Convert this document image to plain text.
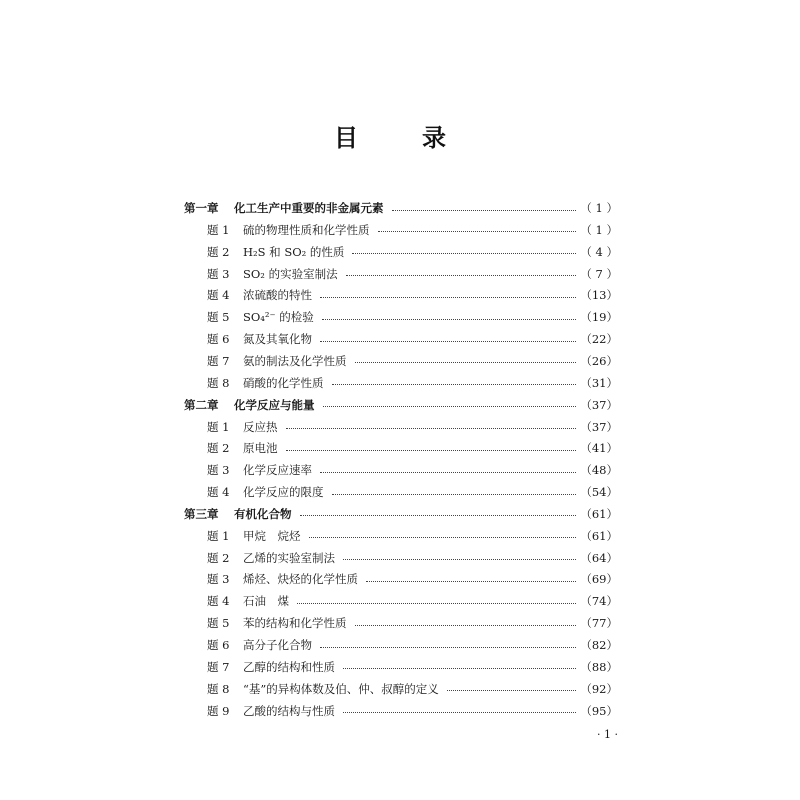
目　录
第一章	化工生产中重要的非金属元素	（ 1 ）
题 1	硫的物理性质和化学性质	（ 1 ）
题 2	H₂S 和 SO₂ 的性质	（ 4 ）
题 3	SO₂ 的实验室制法	（ 7 ）
题 4	浓硫酸的特性	（13）
题 5	SO₄²⁻ 的检验	（19）
题 6	氮及其氧化物	（22）
题 7	氨的制法及化学性质	（26）
题 8	硝酸的化学性质	（31）
第二章	化学反应与能量	（37）
题 1	反应热	（37）
题 2	原电池	（41）
题 3	化学反应速率	（48）
题 4	化学反应的限度	（54）
第三章	有机化合物	（61）
题 1	甲烷　烷烃	（61）
题 2	乙烯的实验室制法	（64）
题 3	烯烃、炔烃的化学性质	（69）
题 4	石油　煤	（74）
题 5	苯的结构和化学性质	（77）
题 6	高分子化合物	（82）
题 7	乙醇的结构和性质	（88）
题 8	“基”的异构体数及伯、仲、叔醇的定义	（92）
题 9	乙酸的结构与性质	（95）
· 1 ·
